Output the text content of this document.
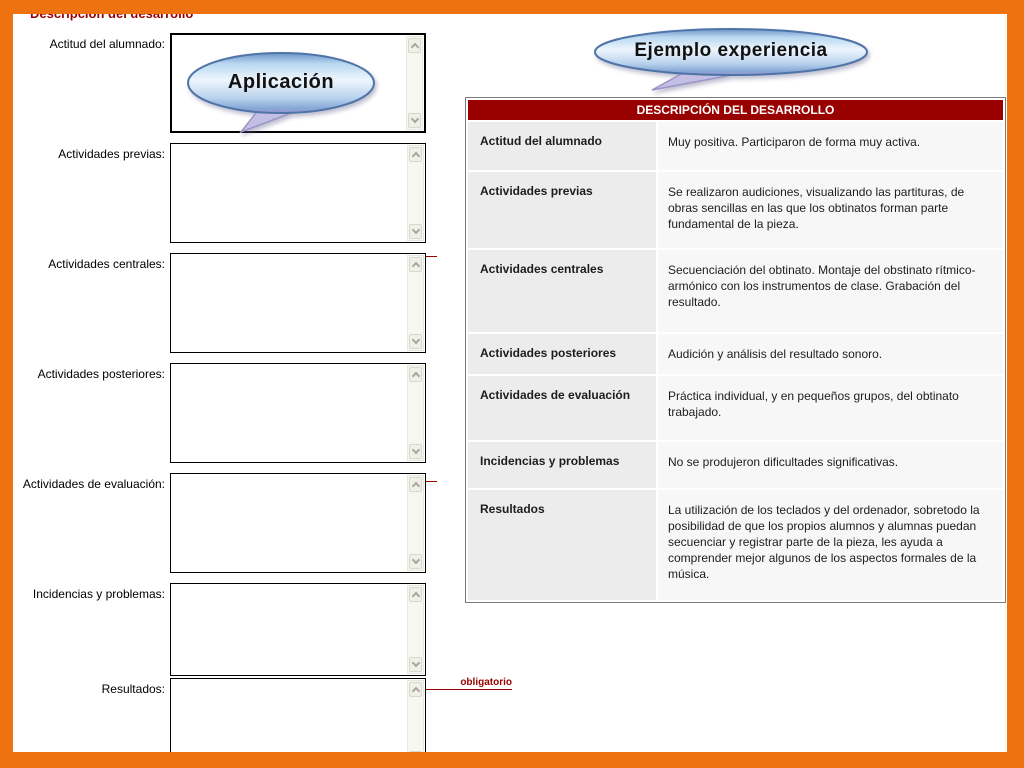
Actitud del alumnado:
Actividades previas:
Actividades centrales:
Actividades posteriores:
Actividades de evaluación:
Incidencias y problemas:
Resultados:	obligatorio
Aplicación
Ejemplo experiencia
DESCRIPCIÓN DEL DESARROLLO	
Actitud del alumnado	Muy positiva. Participaron de forma muy activa.
Actividades previas	Se realizaron audiciones, visualizando las partituras, de obras sencillas en las que los obtinatos forman parte fundamental de la pieza.
Actividades centrales	Secuenciación del obtinato. Montaje del obstinato rítmico-armónico con los instrumentos de clase. Grabación del resultado.
Actividades posteriores	Audición y análisis del resultado sonoro.
Actividades de evaluación	Práctica individual, y en pequeños grupos, del obtinato trabajado.
Incidencias y problemas	No se produjeron dificultades significativas.
Resultados	La utilización de los teclados y del ordenador, sobretodo la posibilidad de que los propios alumnos y alumnas puedan secuenciar y registrar parte de la pieza, les ayuda a comprender mejor algunos de los aspectos formales de la música.
